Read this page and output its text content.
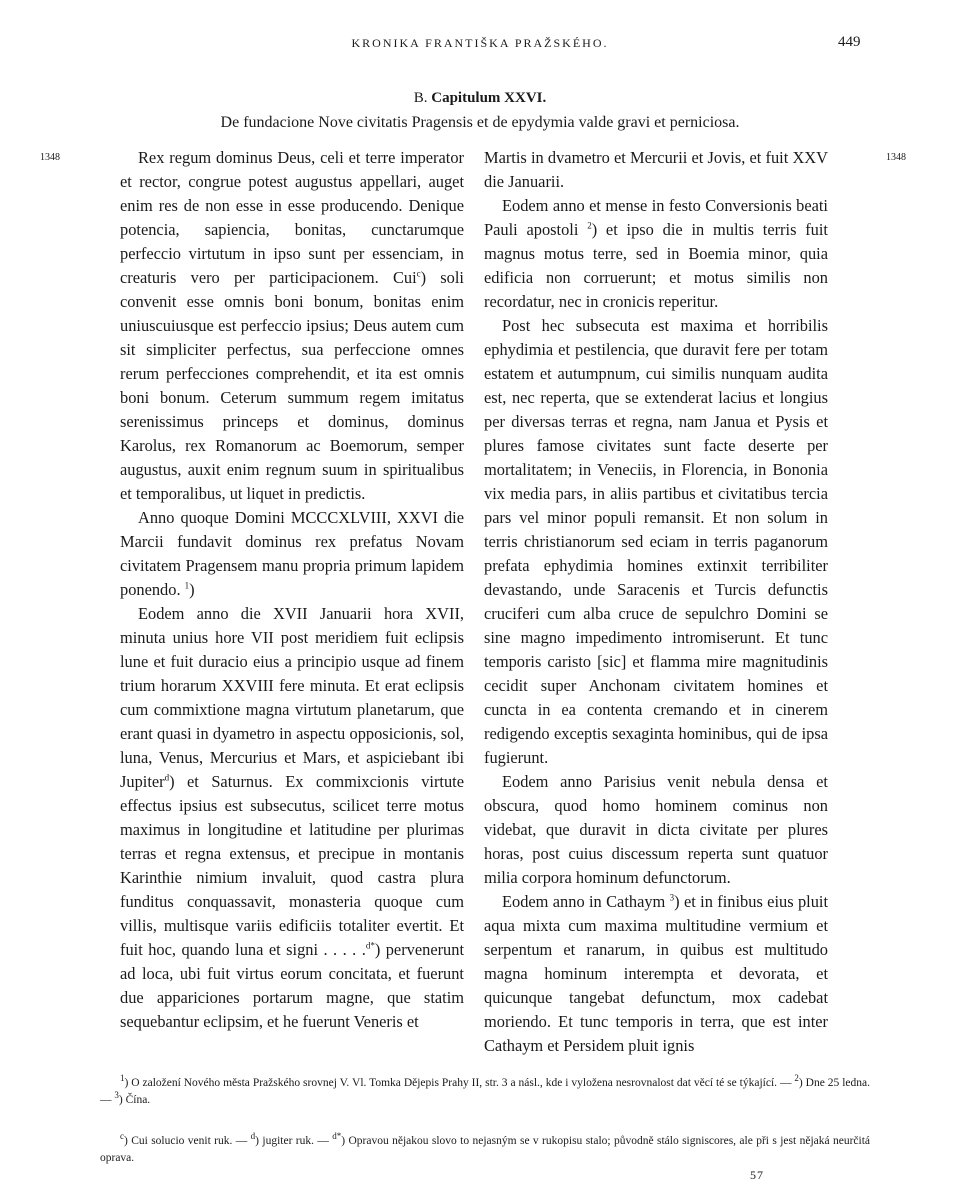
KRONIKA FRANTIŠKA PRAŽSKÉHO.	449
B. Capitulum XXVI.
De fundacione Nove civitatis Pragensis et de epydymia valde gravi et perniciosa.
1348	1348

Rex regum dominus Deus, celi et terre imperator et rector, congrue potest augustus appellari, auget enim res de non esse in esse producendo. Denique potencia, sapiencia, bonitas, cunctarumque perfeccio virtutum in ipso sunt per essenciam, in creaturis vero per participacionem. Cui$^c$) soli convenit esse omnis boni bonum, bonitas enim uniuscuiusque est perfeccio ipsius; Deus autem cum sit simpliciter perfectus, sua perfeccione omnes rerum perfecciones comprehendit, et ita est omnis boni bonum. Ceterum summum regem imitatus serenissimus princeps et dominus, dominus Karolus, rex Romanorum ac Boemorum, semper augustus, auxit enim regnum suum in spiritualibus et temporalibus, ut liquet in predictis.

Anno quoque Domini MCCCXLVIII, XXVI die Marcii fundavit dominus rex prefatus Novam civitatem Pragensem manu propria primum lapidem ponendo. $^1$)

Eodem anno die XVII Januarii hora XVII, minuta unius hore VII post meridiem fuit eclipsis lune et fuit duracio eius a principio usque ad finem trium horarum XXVIII fere minuta. Et erat eclipsis cum commixtione magna virtutum planetarum, que erant quasi in dyametro in aspectu opposicionis, sol, luna, Venus, Mercurius et Mars, et aspiciebant ibi Jupiter$^d$) et Saturnus. Ex commixcionis virtute effectus ipsius est subsecutus, scilicet terre motus maximus in longitudine et latitudine per plurimas terras et regna extensus, et precipue in montanis Karinthie nimium invaluit, quod castra plura funditus conquassavit, monasteria quoque cum villis, multisque variis edificiis totaliter evertit. Et fuit hoc, quando luna et signi . . . . .$^{d*}$) pervenerunt ad loca, ubi fuit virtus eorum concitata, et fuerunt due appariciones portarum magne, que statim sequebantur eclipsim, et he fuerunt Veneris et

Martis in dvametro et Mercurii et Jovis, et fuit XXV die Januarii.

Eodem anno et mense in festo Conversionis beati Pauli apostoli $^2$) et ipso die in multis terris fuit magnus motus terre, sed in Boemia minor, quia edificia non corruerunt; et motus similis non recordatur, nec in cronicis reperitur.

Post hec subsecuta est maxima et horribilis ephydimia et pestilencia, que duravit fere per totam estatem et autumpnum, cui similis nunquam audita est, nec reperta, que se extenderat lacius et longius per diversas terras et regna, nam Janua et Pysis et plures famose civitates sunt facte deserte per mortalitatem; in Veneciis, in Florencia, in Bononia vix media pars, in aliis partibus et civitatibus tercia pars vel minor populi remansit. Et non solum in terris christianorum sed eciam in terris paganorum prefata ephydimia homines extinxit terribiliter devastando, unde Saracenis et Turcis defunctis cruciferi cum alba cruce de sepulchro Domini se sine magno impedimento intromiserunt. Et tunc temporis caristo [sic] et flamma mire magnitudinis cecidit super Anchonam civitatem homines et cuncta in ea contenta cremando et in cinerem redigendo exceptis sexaginta hominibus, qui de ipsa fugierunt.

Eodem anno Parisius venit nebula densa et obscura, quod homo hominem cominus non videbat, que duravit in dicta civitate per plures horas, post cuius discessum reperta sunt quatuor milia corpora hominum defunctorum.

Eodem anno in Cathaym $^3$) et in finibus eius pluit aqua mixta cum maxima multitudine vermium et serpentum et ranarum, in quibus est multitudo magna hominum interempta et devorata, et quicunque tangebat defunctum, mox cadebat moriendo. Et tunc temporis in terra, que est inter Cathaym et Persidem pluit ignis

$^1$) O založení Nového města Pražského srovnej V. Vl. Tomka Dějepis Prahy II, str. 3 a násl., kde i vyložena nesrovnalost dat věcí té se týkající. — $^2$) Dne 25 ledna. — $^3$) Čína.

$^c$) Cui solucio venit ruk. — $^d$) jugiter ruk. — $^{d*}$) Opravou nějakou slovo to nejasným se v rukopisu stalo; původně stálo signiscores, ale při s jest nějaká neurčitá oprava.

57
